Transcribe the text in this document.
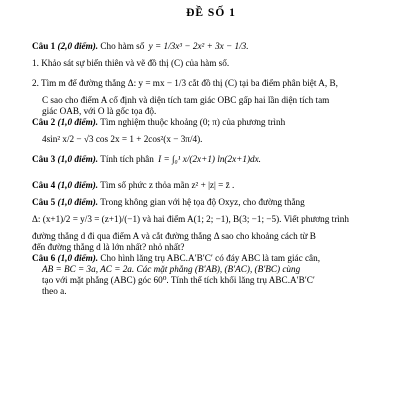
ĐỀ SỐ 1

Câu 1 (2,0 điểm). Cho hàm số y = 1/3x³ − 2x² + 3x − 1/3.

1. Khảo sát sự biến thiên và vẽ đồ thị (C) của hàm số.

2. Tìm m để đường thẳng Δ: y = mx − 1/3 cắt đồ thị (C) tại ba điểm phân biệt A, B,

C sao cho điểm A cố định và diện tích tam giác OBC gấp hai lần diện tích tam

giác OAB, với O là gốc tọa độ.

Câu 2 (1,0 điểm). Tìm nghiệm thuộc khoảng (0; π) của phương trình

4sin² x/2 − √3 cos 2x = 1 + 2cos²(x − 3π/4).

Câu 3 (1,0 điểm). Tính tích phân I = ∫₀¹ x/(2x+1) ln(2x+1)dx.

Câu 4 (1,0 điểm). Tìm số phức z thỏa mãn z² + |z| = z̄ .

Câu 5 (1,0 điểm). Trong không gian với hệ tọa độ Oxyz, cho đường thẳng

Δ: (x+1)/2 = y/3 = (z+1)/(−1) và hai điểm A(1; 2; −1), B(3; −1; −5). Viết phương trình

đường thẳng d đi qua điểm A và cắt đường thẳng Δ sao cho khoảng cách từ B

đến đường thẳng d là lớn nhất? nhỏ nhất?

Câu 6 (1,0 điểm). Cho hình lăng trụ ABC.A′B′C′ có đáy ABC là tam giác cân,

AB = BC = 3a, AC = 2a. Các mặt phẳng (B′AB), (B′AC), (B′BC) cùng

tạo với mặt phẳng (ABC) góc 60⁰. Tính thể tích khối lăng trụ ABC.A′B′C′

theo a.
